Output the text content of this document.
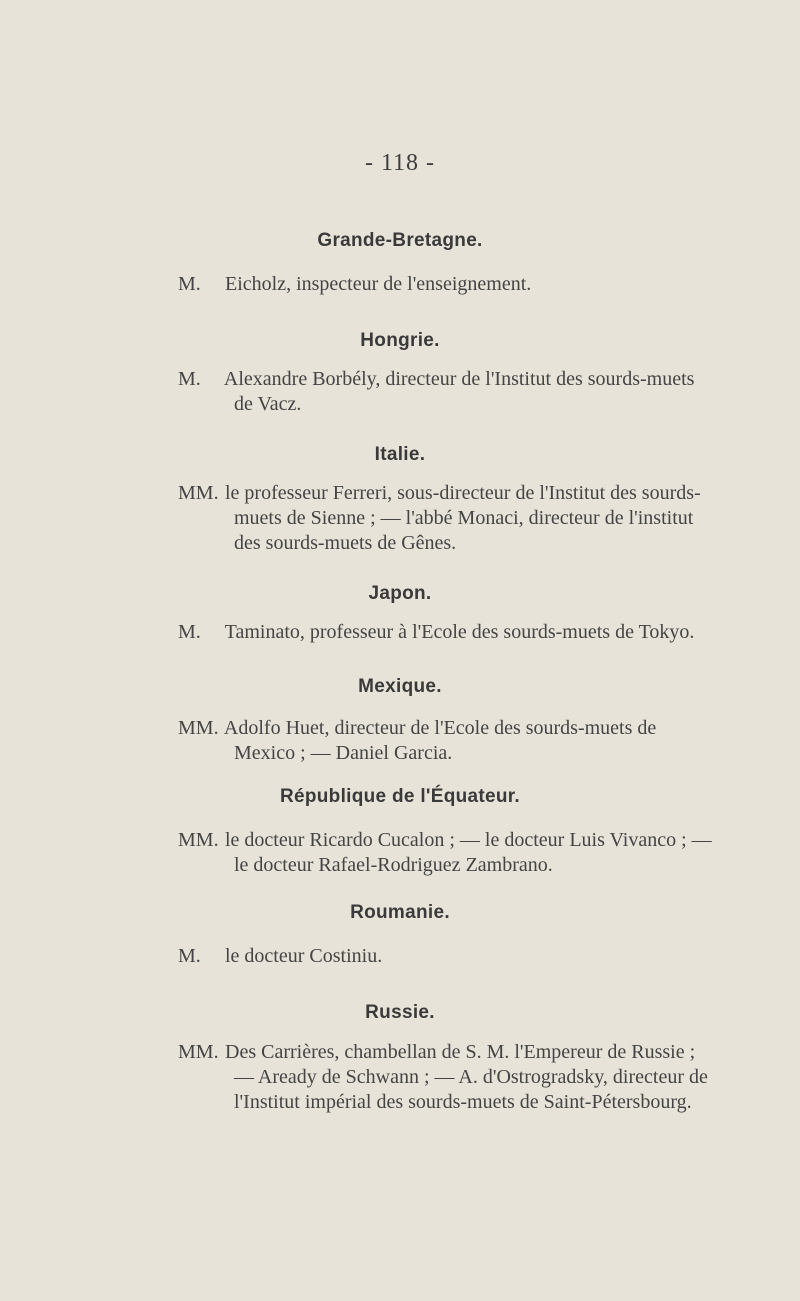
- 118 -
Grande-Bretagne.
M. Eicholz, inspecteur de l'enseignement.
Hongrie.
M. Alexandre Borbély, directeur de l'Institut des sourds-muets
de Vacz.
Italie.
MM. le professeur Ferreri, sous-directeur de l'Institut des sourds-
muets de Sienne ; — l'abbé Monaci, directeur de l'institut
des sourds-muets de Gênes.
Japon.
M. Taminato, professeur à l'Ecole des sourds-muets de Tokyo.
Mexique.
MM. Adolfo Huet, directeur de l'Ecole des sourds-muets de
Mexico ; — Daniel Garcia.
République de l'Équateur.
MM. le docteur Ricardo Cucalon ; — le docteur Luis Vivanco ; —
le docteur Rafael-Rodriguez Zambrano.
Roumanie.
M. le docteur Costiniu.
Russie.
MM. Des Carrières, chambellan de S. M. l'Empereur de Russie ;
— Aready de Schwann ; — A. d'Ostrogradsky, directeur de
l'Institut impérial des sourds-muets de Saint-Pétersbourg.
